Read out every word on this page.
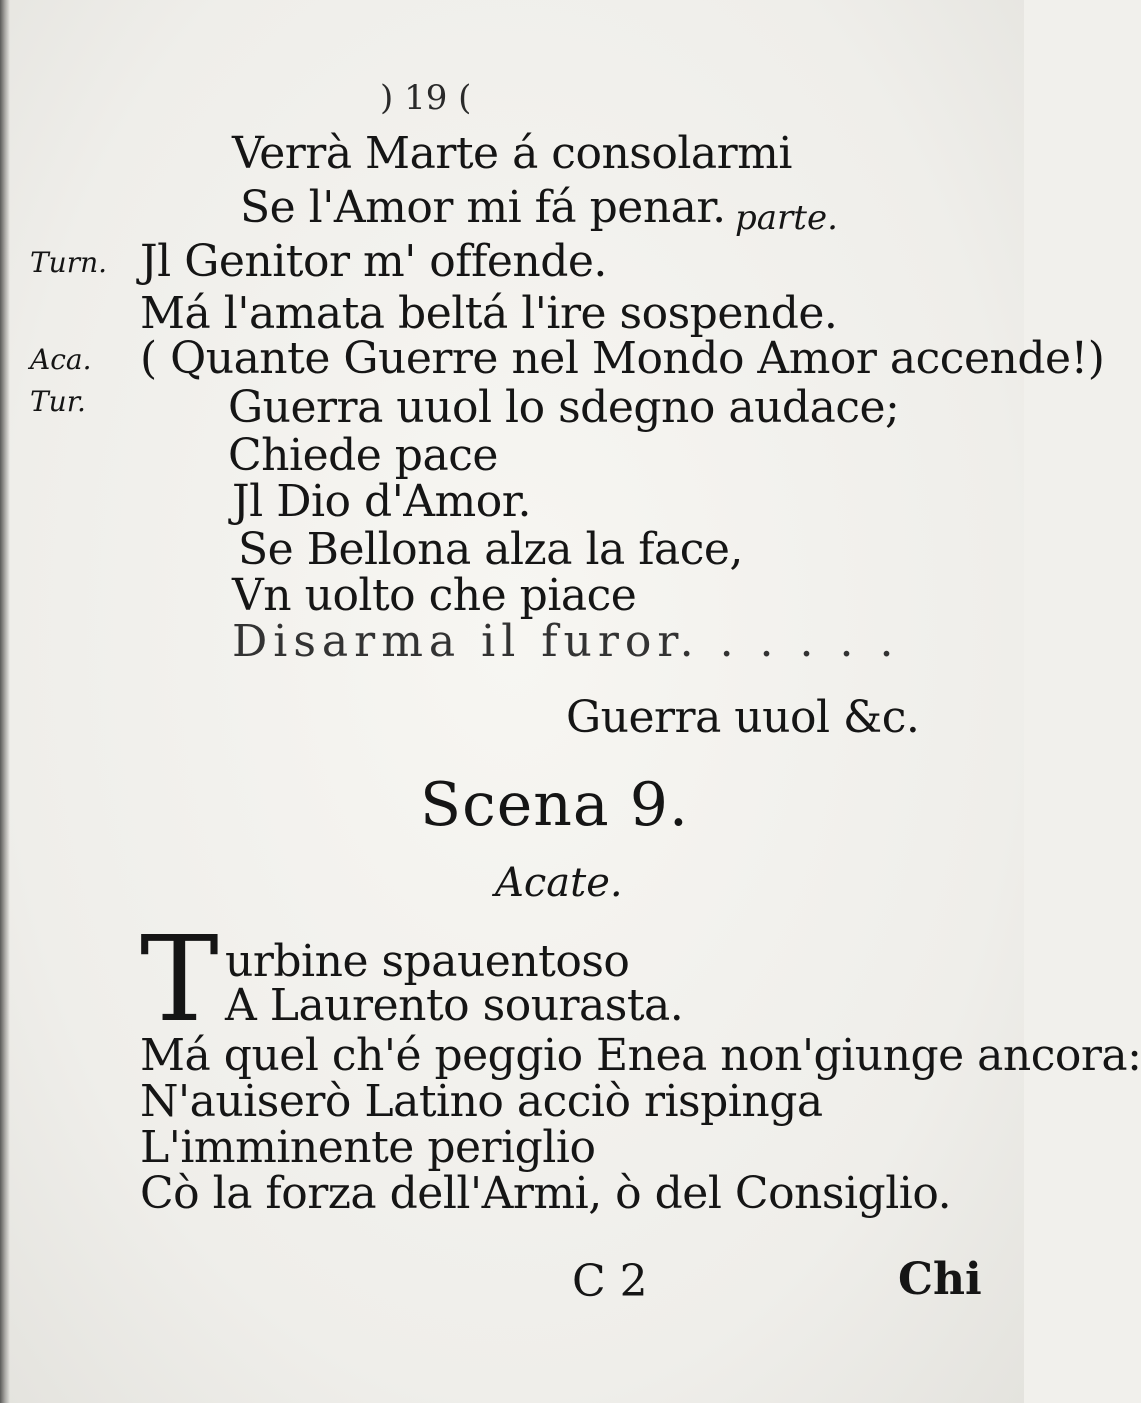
) 19 (
Verrà Marte á consolarmi
Se l'Amor mi fá penar. parte.
Turn. Jl Genitor m' offende.
Má l'amata beltá l'ire sospende.
Aca. ( Quante Guerre nel Mondo Amor accende!)
Tur.	Guerra uuol lo sdegno audace;
Chiede pace
Jl Dio d'Amor.
Se Bellona alza la face,
Vn uolto che piace
Disarma il furor. . . . . .
Guerra uuol &c.
Scena 9.
Acate.
T urbine spauentoso
A Laurento sourasta.
Má quel ch'é peggio Enea non'giunge ancora:
N'auiserò Latino acciò rispinga
L'imminente periglio
Cò la forza dell'Armi, ò del Consiglio.
C 2	Chi
